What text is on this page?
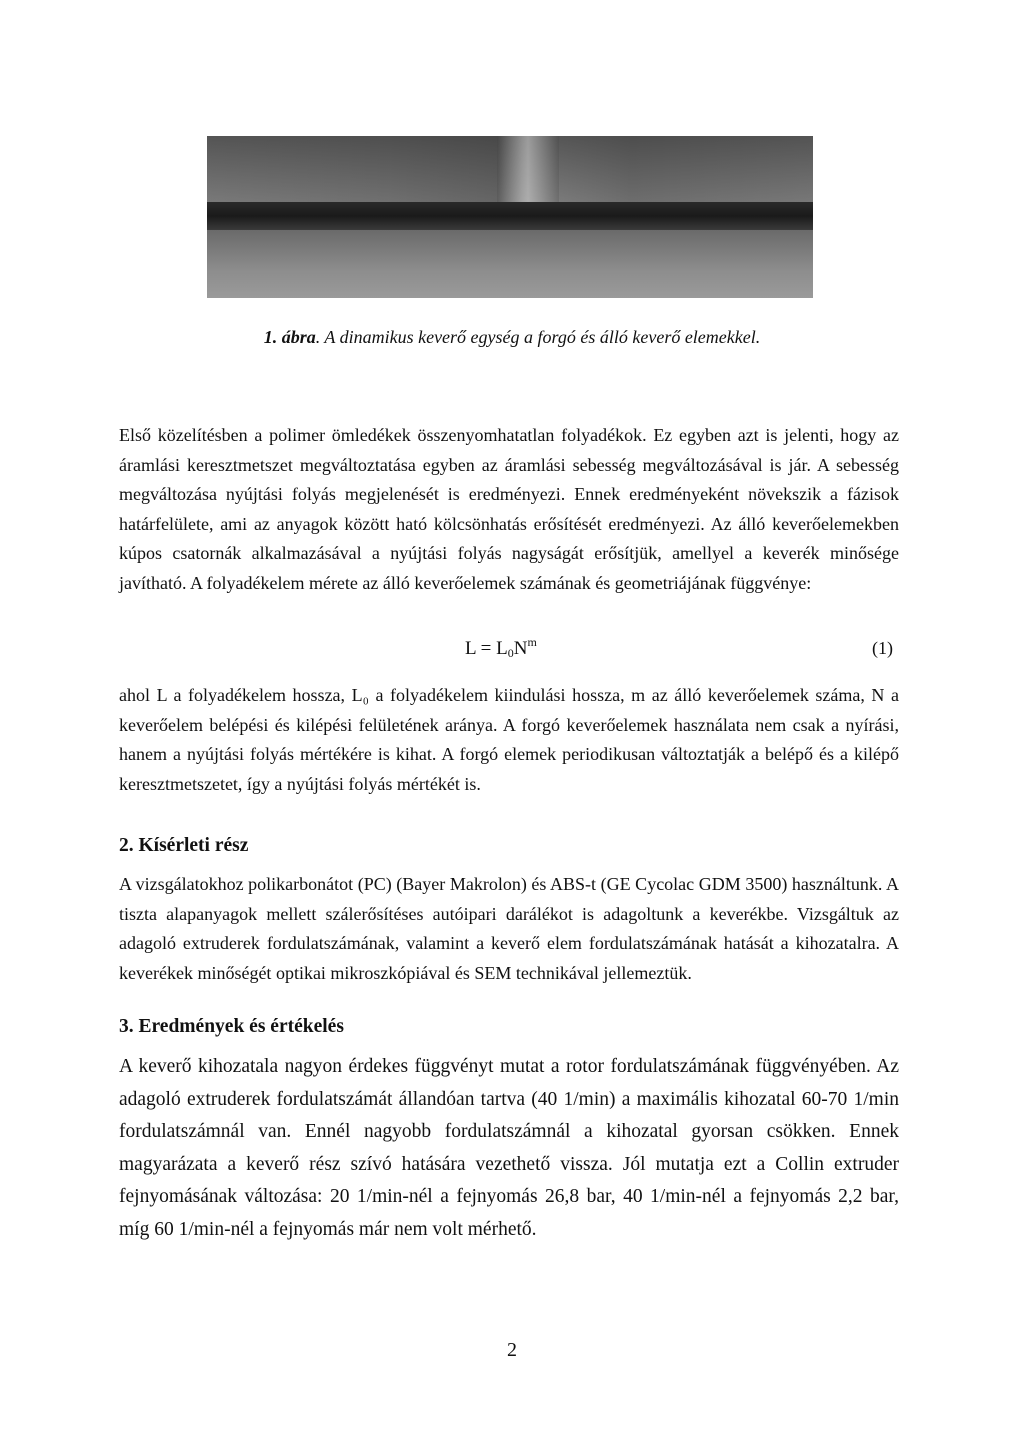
1. ábra. A dinamikus keverő egység a forgó és álló keverő elemekkel.

Első közelítésben a polimer ömledékek összenyomhatatlan folyadékok. Ez egyben azt is jelenti, hogy az áramlási keresztmetszet megváltoztatása egyben az áramlási sebesség megváltozásával is jár. A sebesség megváltozása nyújtási folyás megjelenését is eredményezi. Ennek eredményeként növekszik a fázisok határfelülete, ami az anyagok között ható kölcsönhatás erősítését eredményezi. Az álló keverőelemekben kúpos csatornák alkalmazásával a nyújtási folyás nagyságát erősítjük, amellyel a keverék minősége javítható. A folyadékelem mérete az álló keverőelemek számának és geometriájának függvénye:

$L = L_0N^m$	(1)

ahol L a folyadékelem hossza, L₀ a folyadékelem kiindulási hossza, m az álló keverőelemek száma, N a keverőelem belépési és kilépési felületének aránya. A forgó keverőelemek használata nem csak a nyírási, hanem a nyújtási folyás mértékére is kihat. A forgó elemek periodikusan változtatják a belépő és a kilépő keresztmetszetet, így a nyújtási folyás mértékét is.

2. Kísérleti rész

A vizsgálatokhoz polikarbonátot (PC) (Bayer Makrolon) és ABS-t (GE Cycolac GDM 3500) használtunk. A tiszta alapanyagok mellett szálerősítéses autóipari darálékot is adagoltunk a keverékbe. Vizsgáltuk az adagoló extruderek fordulatszámának, valamint a keverő elem fordulatszámának hatását a kihozatalra. A keverékek minőségét optikai mikroszkópiával és SEM technikával jellemeztük.

3. Eredmények és értékelés

A keverő kihozatala nagyon érdekes függvényt mutat a rotor fordulatszámának függvényében. Az adagoló extruderek fordulatszámát állandóan tartva (40 1/min) a maximális kihozatal 60-70 1/min fordulatszámnál van. Ennél nagyobb fordulatszámnál a kihozatal gyorsan csökken. Ennek magyarázata a keverő rész szívó hatására vezethető vissza. Jól mutatja ezt a Collin extruder fejnyomásának változása: 20 1/min-nél a fejnyomás 26,8 bar, 40 1/min-nél a fejnyomás 2,2 bar, míg 60 1/min-nél a fejnyomás már nem volt mérhető.

2
